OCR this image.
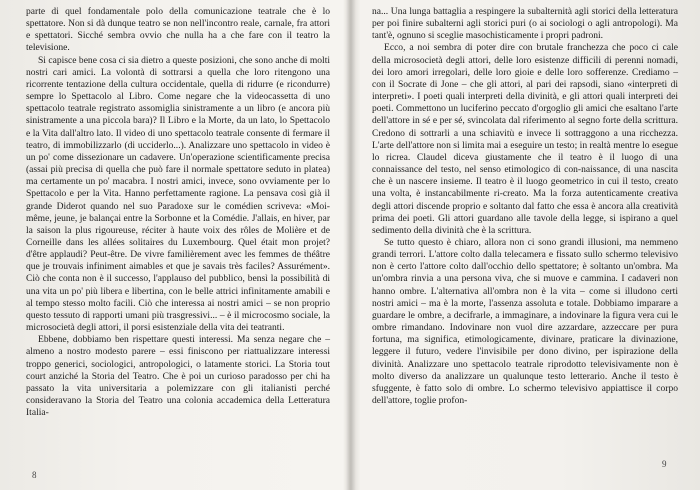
parte di quel fondamentale polo della comunicazione teatrale che è lo spettatore. Non si dà dunque teatro se non nell'incontro reale, carnale, fra attori e spettatori. Sicché sembra ovvio che nulla ha a che fare con il teatro la televisione.

Si capisce bene cosa ci sia dietro a queste posizioni, che sono anche di molti nostri cari amici. La volontà di sottrarsi a quella che loro ritengono una ricorrente tentazione della cultura occidentale, quella di ridurre (e ricondurre) sempre lo Spettacolo al Libro. Come negare che la videocassetta di uno spettacolo teatrale registrato assomiglia sinistramente a un libro (e ancora più sinistramente a una piccola bara)? Il Libro e la Morte, da un lato, lo Spettacolo e la Vita dall'altro lato. Il video di uno spettacolo teatrale consente di fermare il teatro, di immobilizzarlo (di ucciderlo...). Analizzare uno spettacolo in video è un po' come dissezionare un cadavere. Un'operazione scientificamente precisa (assai più precisa di quella che può fare il normale spettatore seduto in platea) ma certamente un po' macabra. I nostri amici, invece, sono ovviamente per lo Spettacolo e per la Vita. Hanno perfettamente ragione. La pensava così già il grande Diderot quando nel suo Paradoxe sur le comédien scriveva: «Moi-même, jeune, je balançai entre la Sorbonne et la Comédie. J'allais, en hiver, par la saison la plus rigoureuse, réciter à haute voix des rôles de Molière et de Corneille dans les allées solitaires du Luxembourg. Quel était mon projet? d'être applaudi? Peut-être. De vivre familièrement avec les femmes de théâtre que je trouvais infiniment aimables et que je savais très faciles? Assurément». Ciò che conta non è il successo, l'applauso del pubblico, bensì la possibilità di una vita un po' più libera e libertina, con le belle attrici infinitamente amabili e al tempo stesso molto facili. Ciò che interessa ai nostri amici – se non proprio questo tessuto di rapporti umani più trasgressivi... – è il microcosmo sociale, la microsocietà degli attori, il porsi esistenziale della vita dei teatranti.

Ebbene, dobbiamo ben rispettare questi interessi. Ma senza negare che – almeno a nostro modesto parere – essi finiscono per riattualizzare interessi troppo generici, sociologici, antropologici, o latamente storici. La Storia tout court anziché la Storia del Teatro. Che è poi un curioso paradosso per chi ha passato la vita universitaria a polemizzare con gli italianisti perché consideravano la Storia del Teatro una colonia accademica della Letteratura Italia-

8

na... Una lunga battaglia a respingere la subalternità agli storici della letteratura per poi finire subalterni agli storici puri (o ai sociologi o agli antropologi). Ma tant'è, ognuno si sceglie masochisticamente i propri padroni.

Ecco, a noi sembra di poter dire con brutale franchezza che poco ci cale della microsocietà degli attori, delle loro esistenze difficili di perenni nomadi, dei loro amori irregolari, delle loro gioie e delle loro sofferenze. Crediamo – con il Socrate di Jone – che gli attori, al pari dei rapsodi, siano «interpreti di interpreti». I poeti quali interpreti della divinità, e gli attori quali interpreti dei poeti. Commettono un luciferino peccato d'orgoglio gli amici che esaltano l'arte dell'attore in sé e per sé, svincolata dal riferimento al segno forte della scrittura. Credono di sottrarli a una schiavitù e invece li sottraggono a una ricchezza. L'arte dell'attore non si limita mai a eseguire un testo; in realtà mentre lo esegue lo ricrea. Claudel diceva giustamente che il teatro è il luogo di una connaissance del testo, nel senso etimologico di con-naissance, di una nascita che è un nascere insieme. Il teatro è il luogo geometrico in cui il testo, creato una volta, è instancabilmente ri-creato. Ma la forza autenticamente creativa degli attori discende proprio e soltanto dal fatto che essa è ancora alla creatività prima dei poeti. Gli attori guardano alle tavole della legge, si ispirano a quel sedimento della divinità che è la scrittura.

Se tutto questo è chiaro, allora non ci sono grandi illusioni, ma nemmeno grandi terrori. L'attore colto dalla telecamera e fissato sullo schermo televisivo non è certo l'attore colto dall'occhio dello spettatore; è soltanto un'ombra. Ma un'ombra rinvia a una persona viva, che si muove e cammina. I cadaveri non hanno ombre. L'alternativa all'ombra non è la vita – come si illudono certi nostri amici – ma è la morte, l'assenza assoluta e totale. Dobbiamo imparare a guardare le ombre, a decifrarle, a immaginare, a indovinare la figura vera cui le ombre rimandano. Indovinare non vuol dire azzardare, azzeccare per pura fortuna, ma significa, etimologicamente, divinare, praticare la divinazione, leggere il futuro, vedere l'invisibile per dono divino, per ispirazione della divinità. Analizzare uno spettacolo teatrale riprodotto televisivamente non è molto diverso da analizzare un qualunque testo letterario. Anche il testo è sfuggente, è fatto solo di ombre. Lo schermo televisivo appiattisce il corpo dell'attore, toglie profon-

9
